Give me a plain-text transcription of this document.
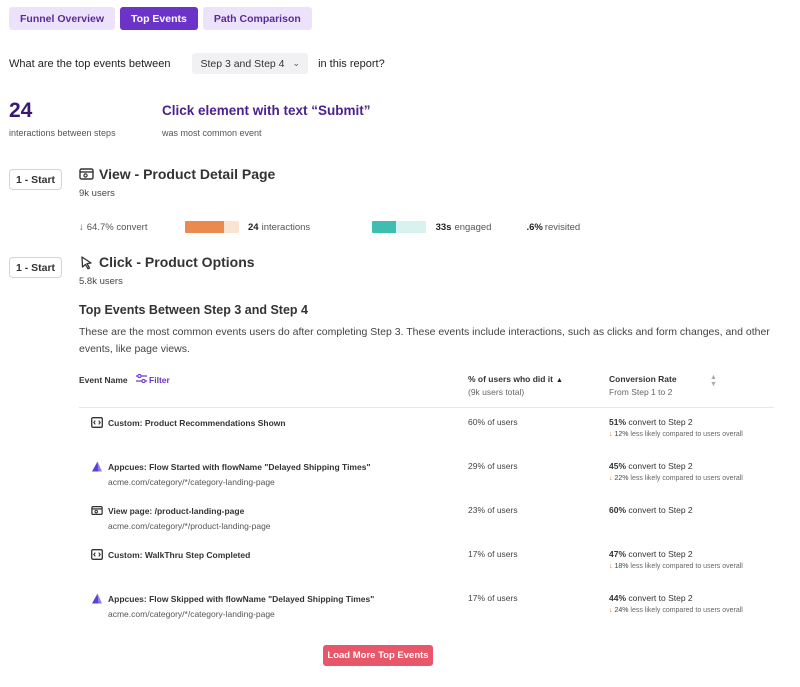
Funnel Overview	Top Events	Path Comparison
What are the top events between	Step 3 and Step 4 ⌄ in this report?
24
interactions between steps
Click element with text “Submit”
was most common event
1 - Start	View - Product Detail Page
9k users
↓ 64.7% convert	24 interactions	33s engaged	.6% revisited
1 - Start	Click - Product Options
5.8k users
Top Events Between Step 3 and Step 4
These are the most common events users do after completing Step 3. These events include interactions, such as clicks and form changes, and other events, like page views.
Event Name	Filter	% of users who did it ▲
(9k users total)
Conversion Rate	▲
▼
From Step 1 to 2
Custom: Product Recommendations Shown	60% of users	51% convert to Step 2
↓ 12% less likely compared to users overall
Appcues: Flow Started with flowName "Delayed Shipping Times"
acme.com/category/*/category-landing-page
29% of users	45% convert to Step 2
↓ 22% less likely compared to users overall
View page: /product-landing-page
acme.com/category/*/product-landing-page
23% of users	60% convert to Step 2
Custom: WalkThru Step Completed	17% of users	47% convert to Step 2
↓ 18% less likely compared to users overall
Appcues: Flow Skipped with flowName "Delayed Shipping Times"
acme.com/category/*/category-landing-page
17% of users	44% convert to Step 2
↓ 24% less likely compared to users overall
Load More Top Events
